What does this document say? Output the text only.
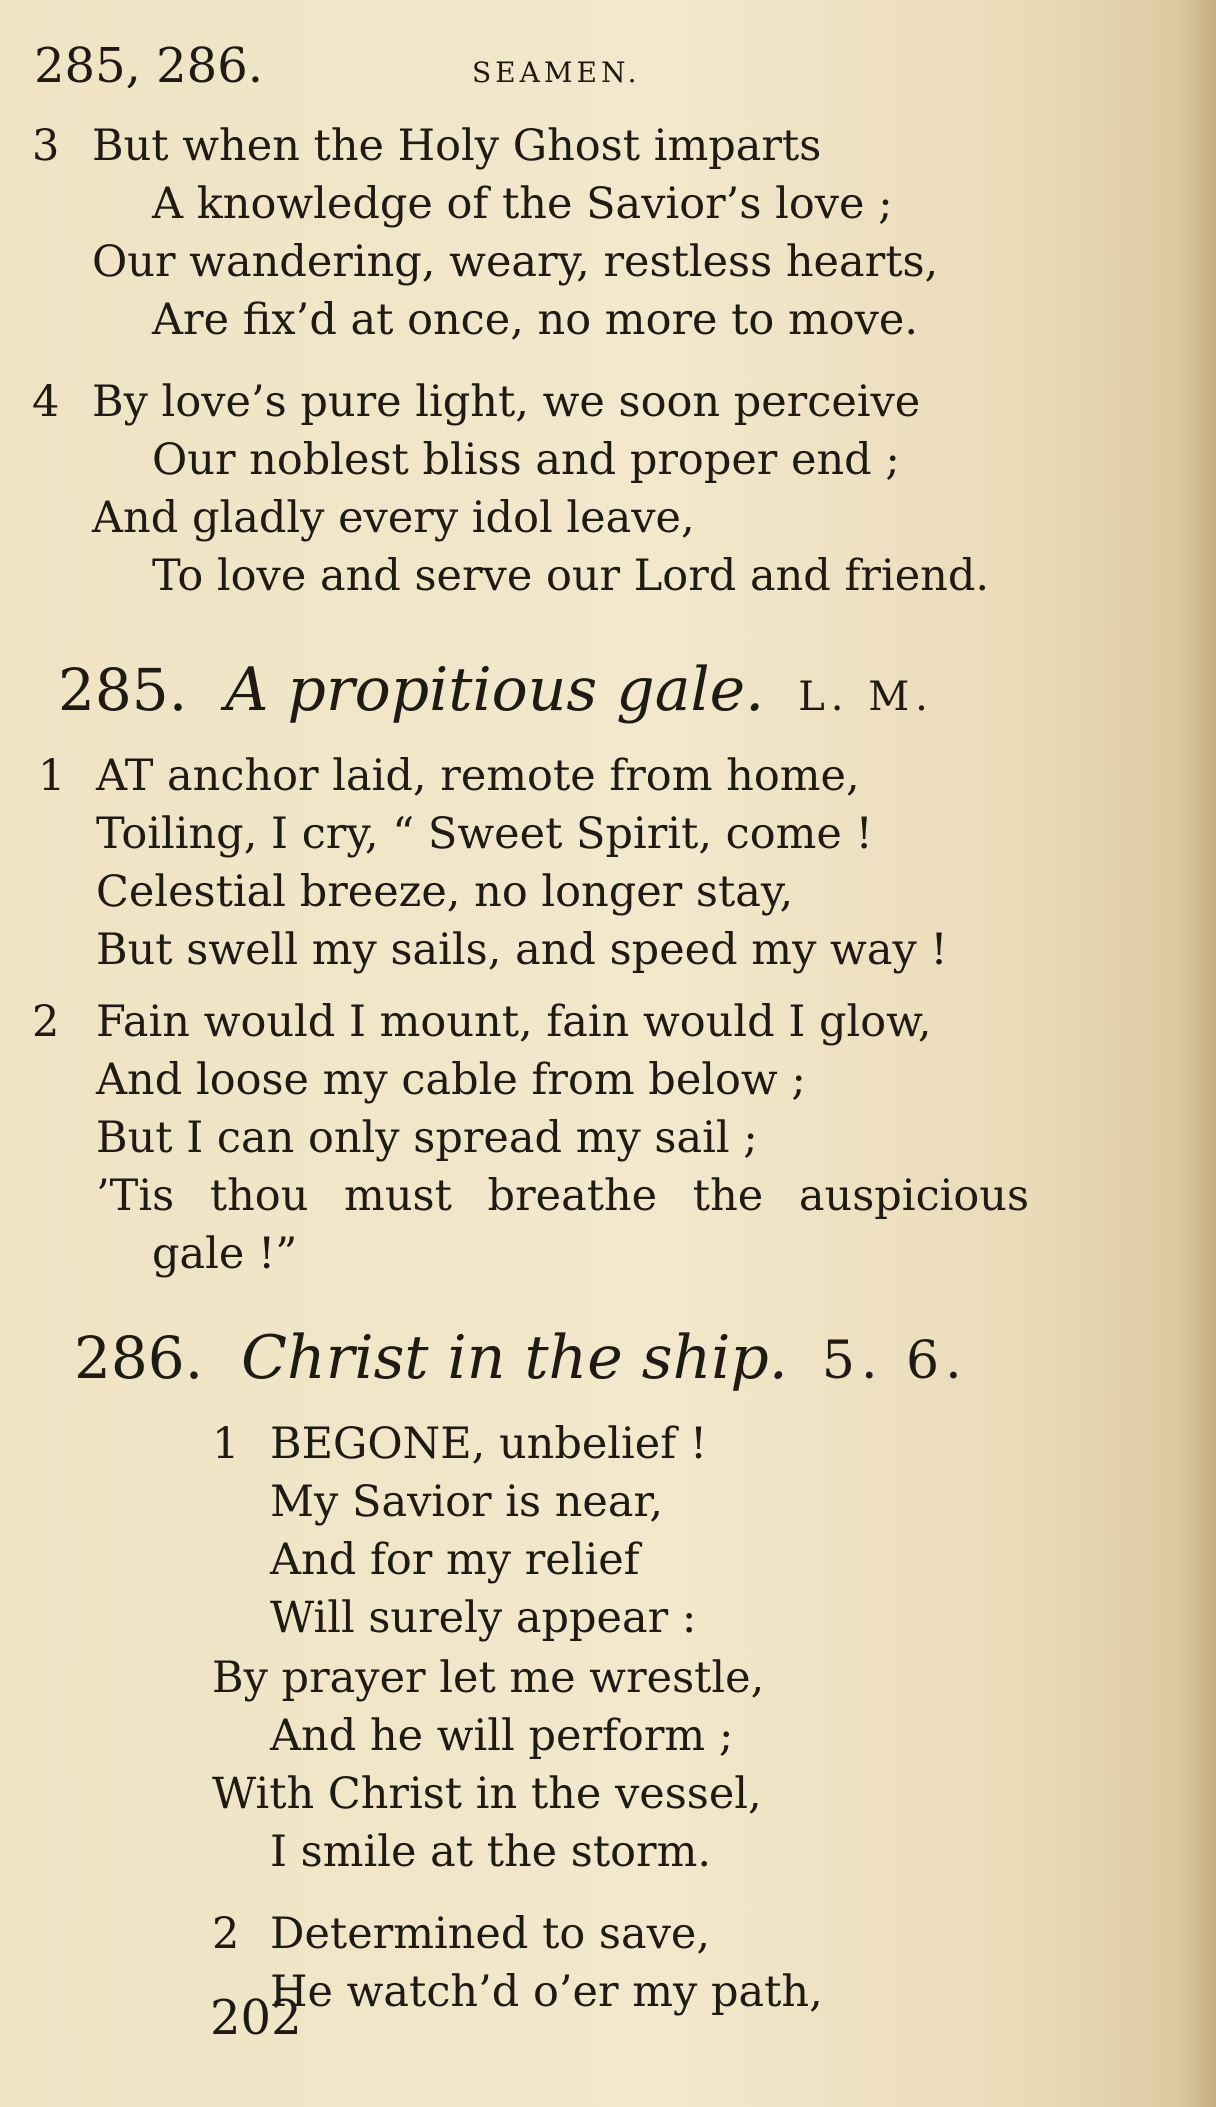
285, 286.	SEAMEN.
3 But when the Holy Ghost imparts
A knowledge of the Savior’s love ;
Our wandering, weary, restless hearts,
Are fix’d at once, no more to move.
4 By love’s pure light, we soon perceive
Our noblest bliss and proper end ;
And gladly every idol leave,
To love and serve our Lord and friend.
285. A propitious gale. L. M.
1 AT anchor laid, remote from home,
Toiling, I cry, “ Sweet Spirit, come !
Celestial breeze, no longer stay,
But swell my sails, and speed my way !
2 Fain would I mount, fain would I glow,
And loose my cable from below ;
But I can only spread my sail ;
’Tis thou must breathe the auspicious
gale !”
286. Christ in the ship. 5. 6.
1 BEGONE, unbelief !
My Savior is near,
And for my relief
Will surely appear :
By prayer let me wrestle,
And he will perform ;
With Christ in the vessel,
I smile at the storm.
2 Determined to save,
He watch’d o’er my path,
202
